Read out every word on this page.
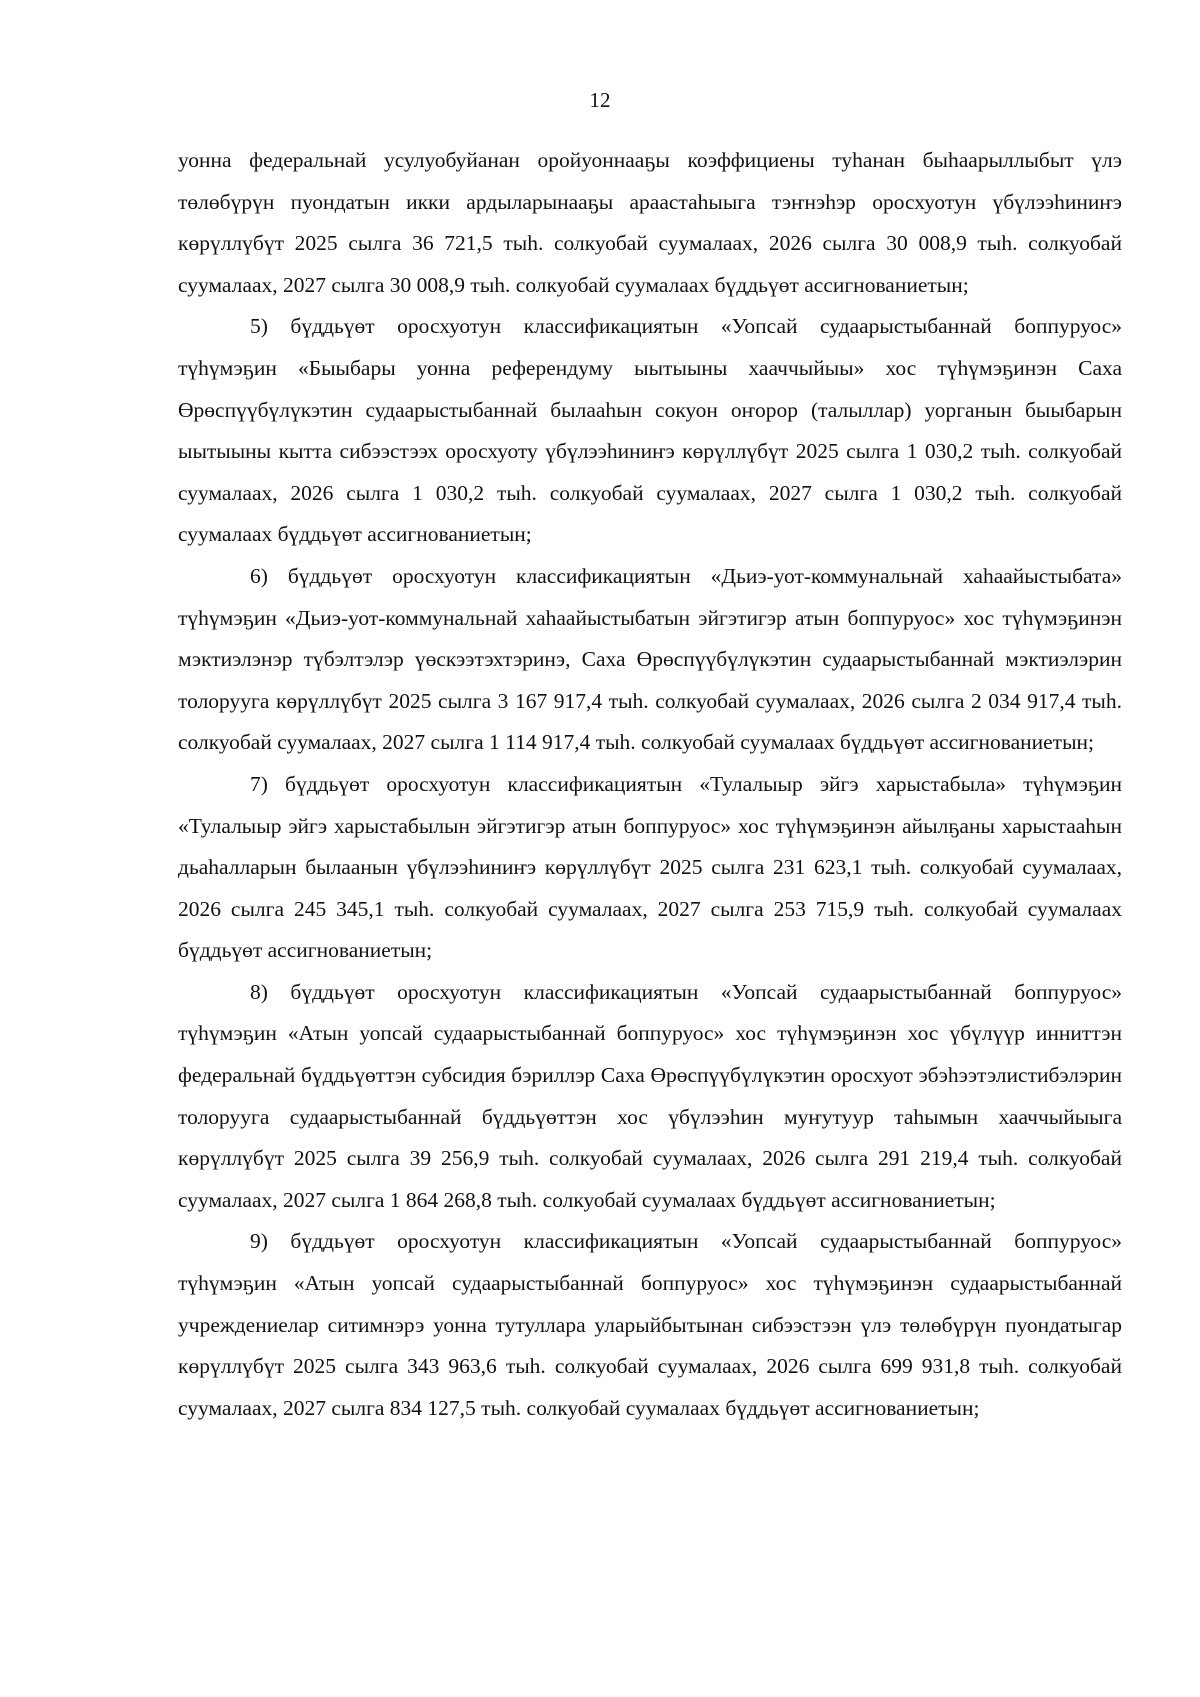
12

уонна федеральнай усулуобуйанан оройуоннааҕы коэффициены туһанан быһаарыллыбыт үлэ төлөбүрүн пуондатын икки ардыларынааҕы араастаһыыга тэҥнэһэр оросхуотун үбүлээһиниҥэ көрүллүбүт 2025 сылга 36 721,5 тыһ. солкуобай суумалаах, 2026 сылга 30 008,9 тыһ. солкуобай суумалаах, 2027 сылга 30 008,9 тыһ. солкуобай суумалаах бүддьүөт ассигнованиетын;

5) бүддьүөт оросхуотун классификациятын «Уопсай судаарыстыбаннай боппуруос» түһүмэҕин «Быыбары уонна референдуму ыытыыны хааччыйыы» хос түһүмэҕинэн Саха Өрөспүүбүлүкэтин судаарыстыбаннай былааһын сокуон оҥорор (талыллар) уорганын быыбарын ыытыыны кытта сибээстээх оросхуоту үбүлээһиниҥэ көрүллүбүт 2025 сылга 1 030,2 тыһ. солкуобай суумалаах, 2026 сылга 1 030,2 тыһ. солкуобай суумалаах, 2027 сылга 1 030,2 тыһ. солкуобай суумалаах бүддьүөт ассигнованиетын;

6) бүддьүөт оросхуотун классификациятын «Дьиэ-уот-коммунальнай хаһаайыстыбата» түһүмэҕин «Дьиэ-уот-коммунальнай хаһаайыстыбатын эйгэтигэр атын боппуруос» хос түһүмэҕинэн мэктиэлэнэр түбэлтэлэр үөскээтэхтэринэ, Саха Өрөспүүбүлүкэтин судаарыстыбаннай мэктиэлэрин толорууга көрүллүбүт 2025 сылга 3 167 917,4 тыһ. солкуобай суумалаах, 2026 сылга 2 034 917,4 тыһ. солкуобай суумалаах, 2027 сылга 1 114 917,4 тыһ. солкуобай суумалаах бүддьүөт ассигнованиетын;

7) бүддьүөт оросхуотун классификациятын «Тулалыыр эйгэ харыстабыла» түһүмэҕин «Тулалыыр эйгэ харыстабылын эйгэтигэр атын боппуруос» хос түһүмэҕинэн айылҕаны харыстааһын дьаһалларын былаанын үбүлээһиниҥэ көрүллүбүт 2025 сылга 231 623,1 тыһ. солкуобай суумалаах, 2026 сылга 245 345,1 тыһ. солкуобай суумалаах, 2027 сылга 253 715,9 тыһ. солкуобай суумалаах бүддьүөт ассигнованиетын;

8) бүддьүөт оросхуотун классификациятын «Уопсай судаарыстыбаннай боппуруос» түһүмэҕин «Атын уопсай судаарыстыбаннай боппуруос» хос түһүмэҕинэн хос үбүлүүр инниттэн федеральнай бүддьүөттэн субсидия бэриллэр Саха Өрөспүүбүлүкэтин оросхуот эбэһээтэлистибэлэрин толорууга судаарыстыбаннай бүддьүөттэн хос үбүлээһин муҥутуур таһымын хааччыйыыга көрүллүбүт 2025 сылга 39 256,9 тыһ. солкуобай суумалаах, 2026 сылга 291 219,4 тыһ. солкуобай суумалаах, 2027 сылга 1 864 268,8 тыһ. солкуобай суумалаах бүддьүөт ассигнованиетын;

9) бүддьүөт оросхуотун классификациятын «Уопсай судаарыстыбаннай боппуруос» түһүмэҕин «Атын уопсай судаарыстыбаннай боппуруос» хос түһүмэҕинэн судаарыстыбаннай учреждениелар ситимнэрэ уонна тутуллара уларыйбытынан сибээстээн үлэ төлөбүрүн пуондатыгар көрүллүбүт 2025 сылга 343 963,6 тыһ. солкуобай суумалаах, 2026 сылга 699 931,8 тыһ. солкуобай суумалаах, 2027 сылга 834 127,5 тыһ. солкуобай суумалаах бүддьүөт ассигнованиетын;
